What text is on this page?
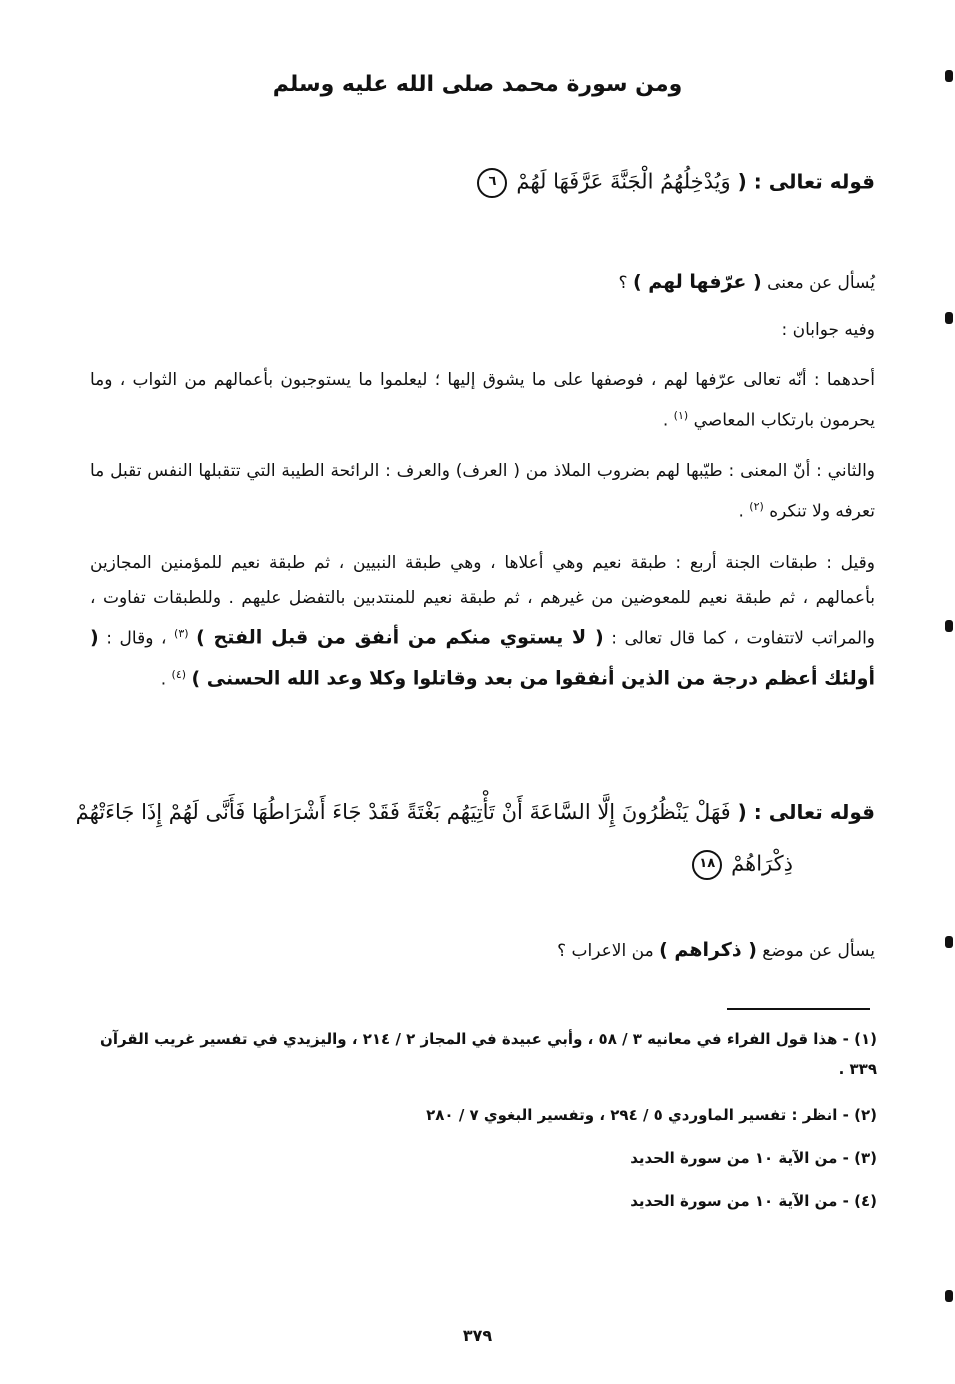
ومن سورة محمد صلى الله عليه وسلم
قوله تعالى : ( وَيُدْخِلُهُمُ الْجَنَّةَ عَرَّفَهَا لَهُمْ ٦
يُسأل عن معنى ( عرّفها لهم ) ؟
وفيه جوابان :
أحدهما : أنّه تعالى عرّفها لهم ، فوصفها على ما يشوق إليها ؛ ليعلموا ما يستوجبون بأعمالهم من الثواب ، وما يحرمون بارتكاب المعاصي $^{(١)}$ .
والثاني : أنّ المعنى : طيّبها لهم بضروب الملاذ من ( العرف) والعرف : الرائحة الطيبة التي تتقبلها النفس تقبل ما تعرفه ولا تنكره $^{(٢)}$ .
وقيل : طبقات الجنة أربع : طبقة نعيم وهي أعلاها ، وهي طبقة النبيين ، ثم طبقة نعيم للمؤمنين المجازين بأعمالهم ، ثم طبقة نعيم للمعوضين من غيرهم ، ثم طبقة نعيم للمنتدبين بالتفضل عليهم . وللطبقات تفاوت ، والمراتب لاتتفاوت ، كما قال تعالى : ( لا يستوي منكم من أنفق من قبل الفتح ) $^{(٣)}$ ، وقال : ( أولئك أعظم درجة من الذين أنفقوا من بعد وقاتلوا وكلا وعد الله الحسنى ) $^{(٤)}$ .
قوله تعالى : ( فَهَلْ يَنْظُرُونَ إِلَّا السَّاعَةَ أَنْ تَأْتِيَهُم بَغْتَةً فَقَدْ جَاءَ أَشْرَاطُهَا فَأَنَّى لَهُمْ إِذَا جَاءَتْهُمْ
ذِكْرَاهُمْ ١٨
يسأل عن موضع ( ذكراهم ) من الاعراب ؟
(١) - هذا قول الفراء في معانيه ٣ / ٥٨ ، وأبي عبيدة في المجاز ٢ / ٢١٤ ، واليزيدي في تفسير غريب القرآن ٣٣٩ .
(٢) - انظر : تفسير الماوردي ٥ / ٢٩٤ ، وتفسير البغوي ٧ / ٢٨٠
(٣) - من الآية ١٠ من سورة الحديد
(٤) - من الآية ١٠ من سورة الحديد
٣٧٩
